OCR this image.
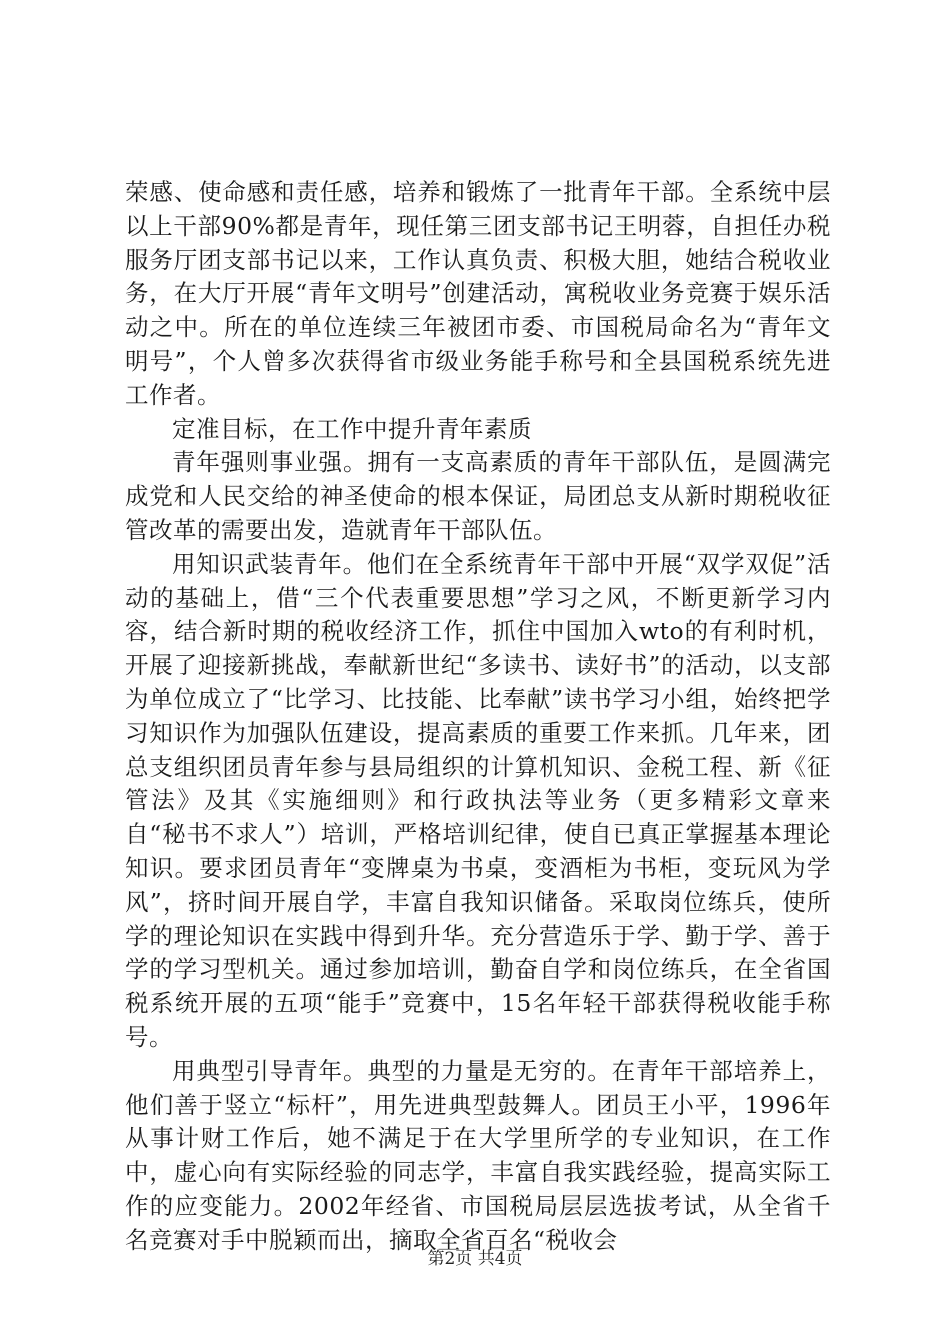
荣感、使命感和责任感，培养和锻炼了一批青年干部。全系统中层以上干部90%都是青年，现任第三团支部书记王明蓉，自担任办税服务厅团支部书记以来，工作认真负责、积极大胆，她结合税收业务，在大厅开展“青年文明号”创建活动，寓税收业务竞赛于娱乐活动之中。所在的单位连续三年被团市委、市国税局命名为“青年文明号”，个人曾多次获得省市级业务能手称号和全县国税系统先进工作者。

定准目标，在工作中提升青年素质

青年强则事业强。拥有一支高素质的青年干部队伍，是圆满完成党和人民交给的神圣使命的根本保证，局团总支从新时期税收征管改革的需要出发，造就青年干部队伍。

用知识武装青年。他们在全系统青年干部中开展“双学双促”活动的基础上，借“三个代表重要思想”学习之风，不断更新学习内容，结合新时期的税收经济工作，抓住中国加入wto的有利时机，开展了迎接新挑战，奉献新世纪“多读书、读好书”的活动，以支部为单位成立了“比学习、比技能、比奉献”读书学习小组，始终把学习知识作为加强队伍建设，提高素质的重要工作来抓。几年来，团总支组织团员青年参与县局组织的计算机知识、金税工程、新《征管法》及其《实施细则》和行政执法等业务（更多精彩文章来自“秘书不求人”）培训，严格培训纪律，使自已真正掌握基本理论知识。要求团员青年“变牌桌为书桌，变酒柜为书柜，变玩风为学风”，挤时间开展自学，丰富自我知识储备。采取岗位练兵，使所学的理论知识在实践中得到升华。充分营造乐于学、勤于学、善于学的学习型机关。通过参加培训，勤奋自学和岗位练兵，在全省国税系统开展的五项“能手”竞赛中，15名年轻干部获得税收能手称号。

用典型引导青年。典型的力量是无穷的。在青年干部培养上，他们善于竖立“标杆”，用先进典型鼓舞人。团员王小平，1996年从事计财工作后，她不满足于在大学里所学的专业知识，在工作中，虚心向有实际经验的同志学，丰富自我实践经验，提高实际工作的应变能力。2002年经省、市国税局层层选拔考试，从全省千名竞赛对手中脱颖而出，摘取全省百名“税收会

第2页 共4页
